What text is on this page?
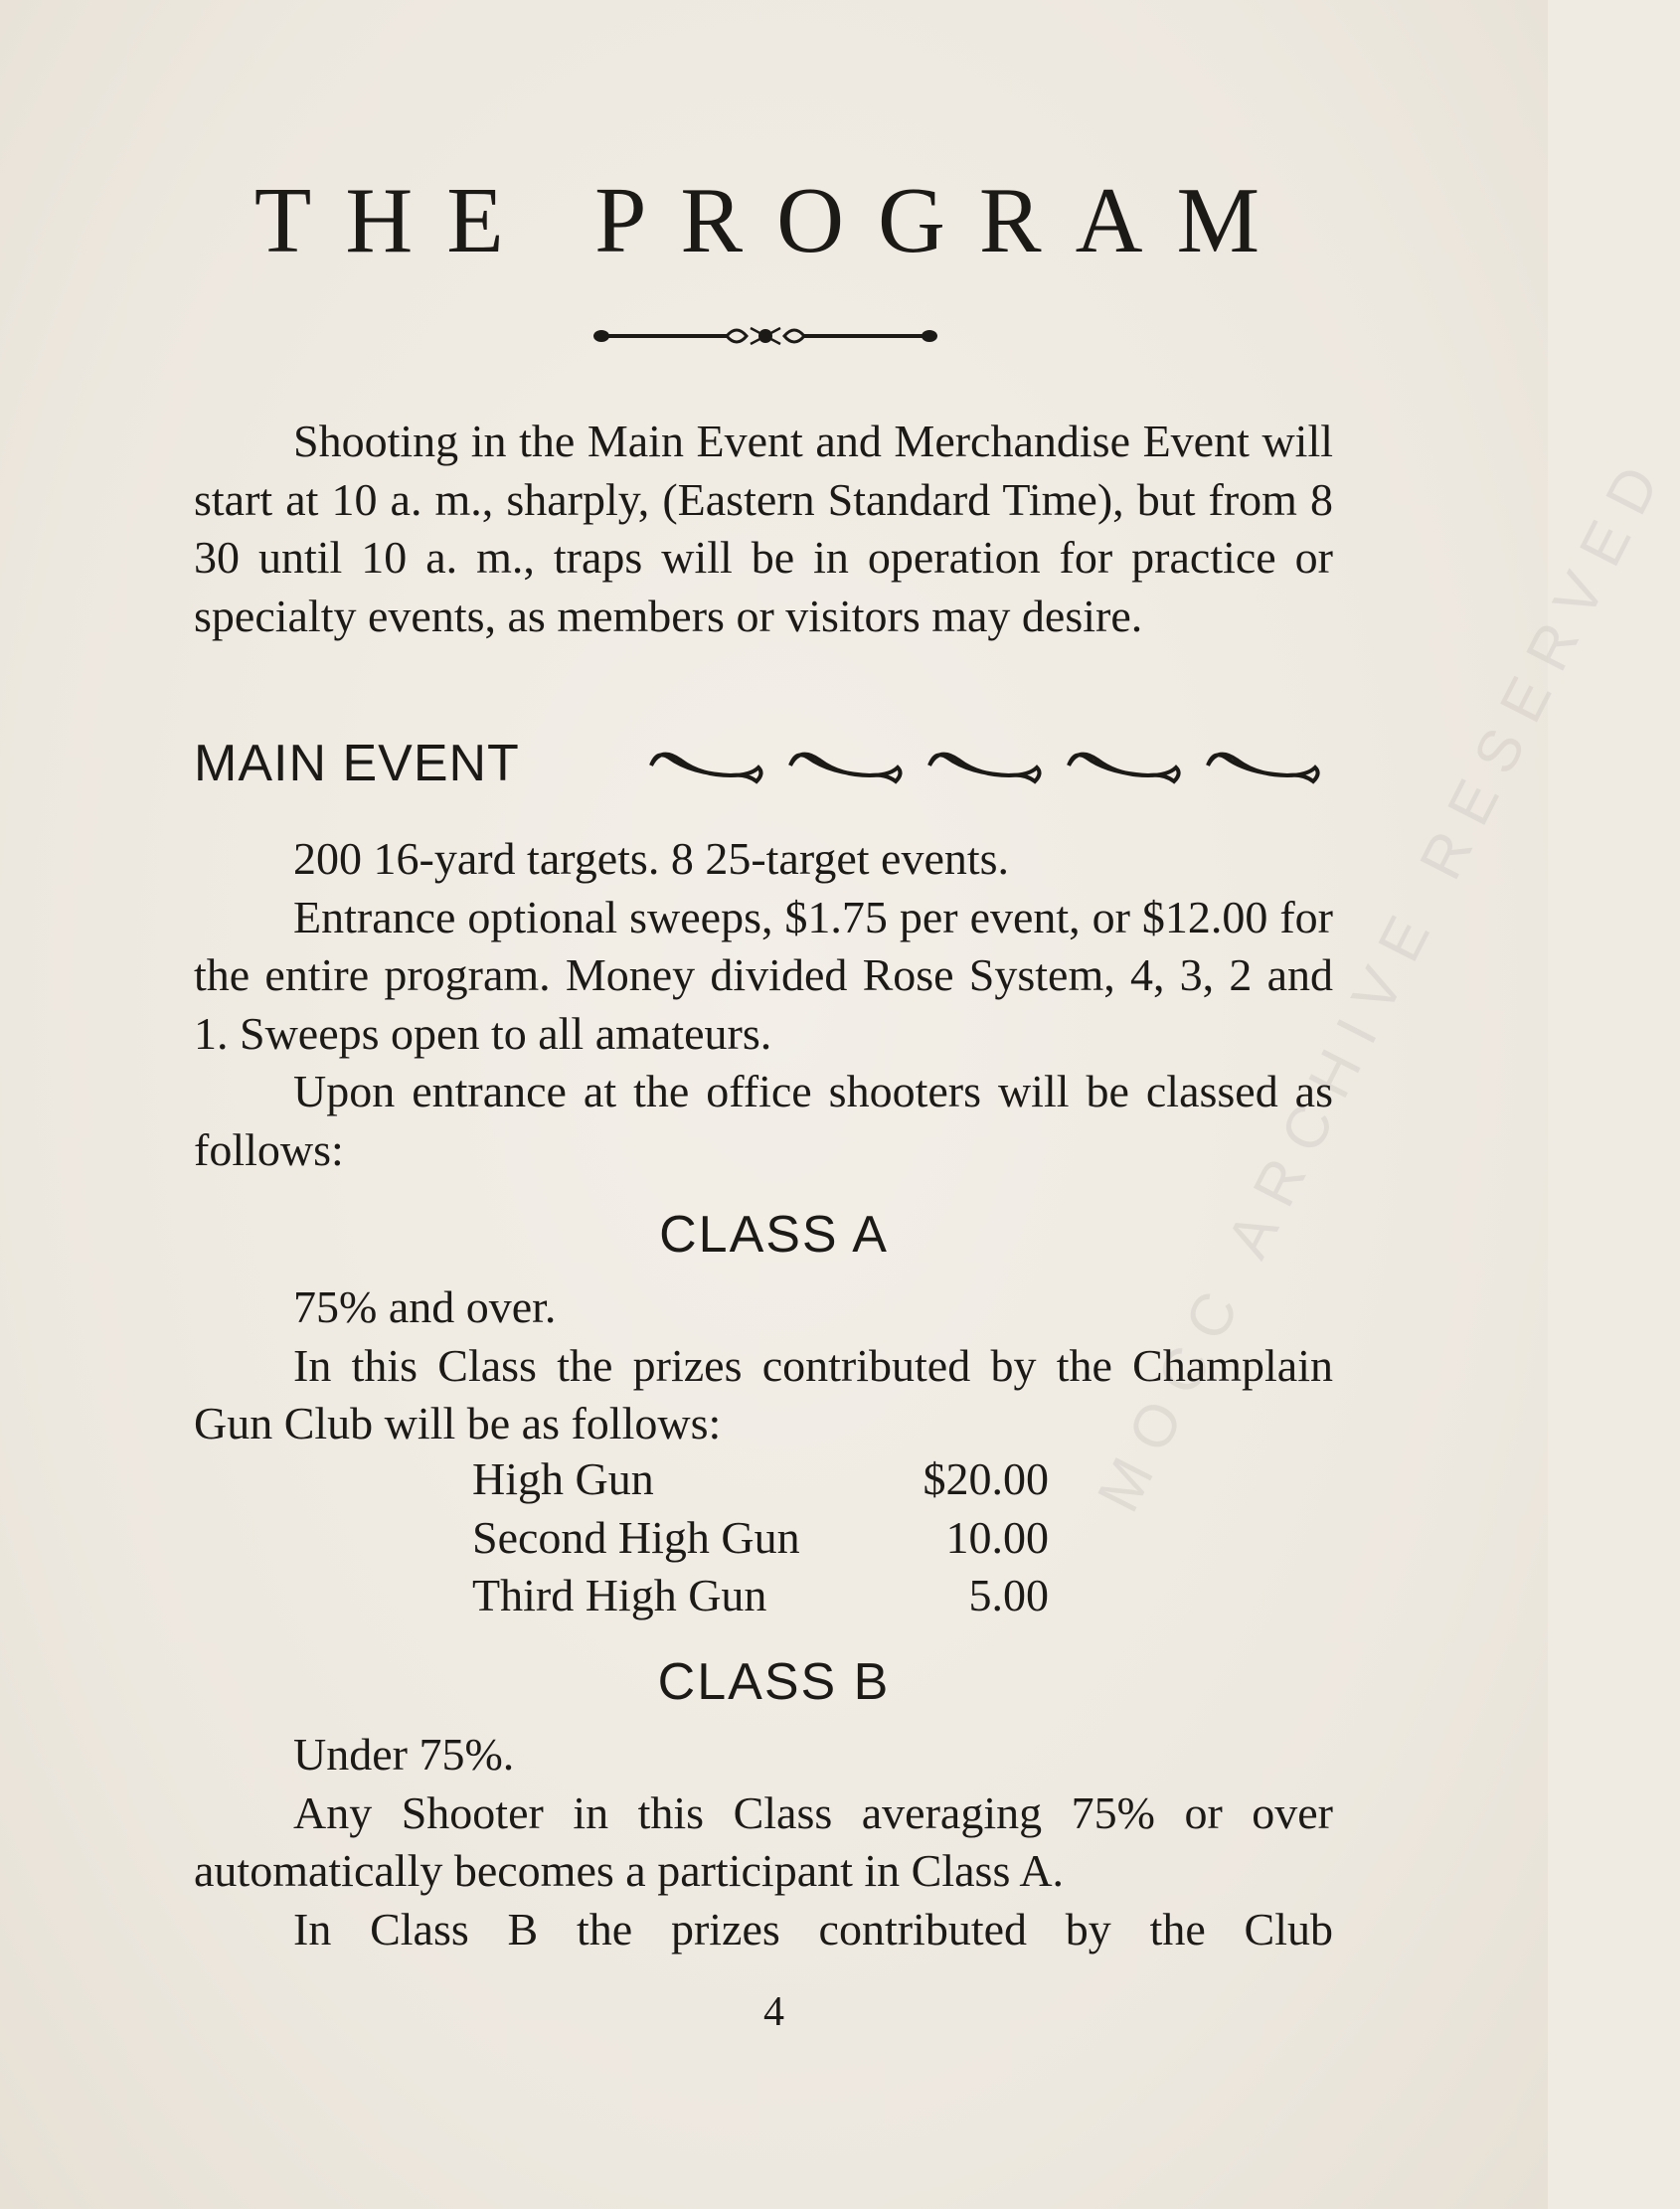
MOCC ARCHIVE RESERVED
THE PROGRAM

Shooting in the Main Event and Merchandise Event will start at 10 a. m., sharply, (Eastern Standard Time), but from 8 30 until 10 a. m., traps will be in operation for practice or specialty events, as members or visitors may desire.

MAIN EVENT

200 16-yard targets. 8 25-target events.

Entrance optional sweeps, $1.75 per event, or $12.00 for the entire program. Money divided Rose System, 4, 3, 2 and 1. Sweeps open to all amateurs.

Upon entrance at the office shooters will be classed as follows:

CLASS A

75% and over.

In this Class the prizes contributed by the Champlain Gun Club will be as follows:

High Gun	$20.00
Second High Gun	10.00
Third High Gun	5.00
CLASS B

Under 75%.

Any Shooter in this Class averaging 75% or over automatically becomes a participant in Class A.

In Class B the prizes contributed by the Club

4
